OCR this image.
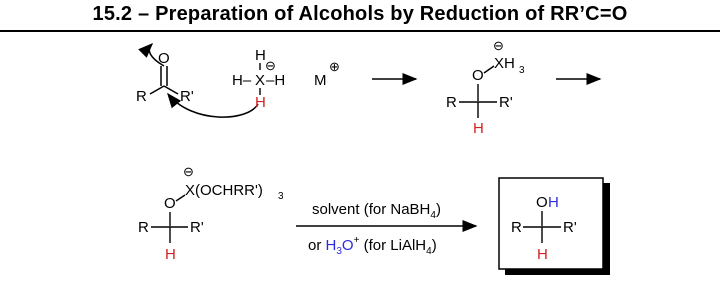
15.2 – Preparation of Alcohols by Reduction of RR’C=O
O
R R'
H
⊖
H– X –H
H
M
⊕
⊖
O
XH 3
R	R'
H
⊖
O
X(OCHRR') 3
R	R'
H
solvent (for NaBH$_4$)
or $H_3O^+$ (for LiAlH$_4$)
O H
R	R'
H
